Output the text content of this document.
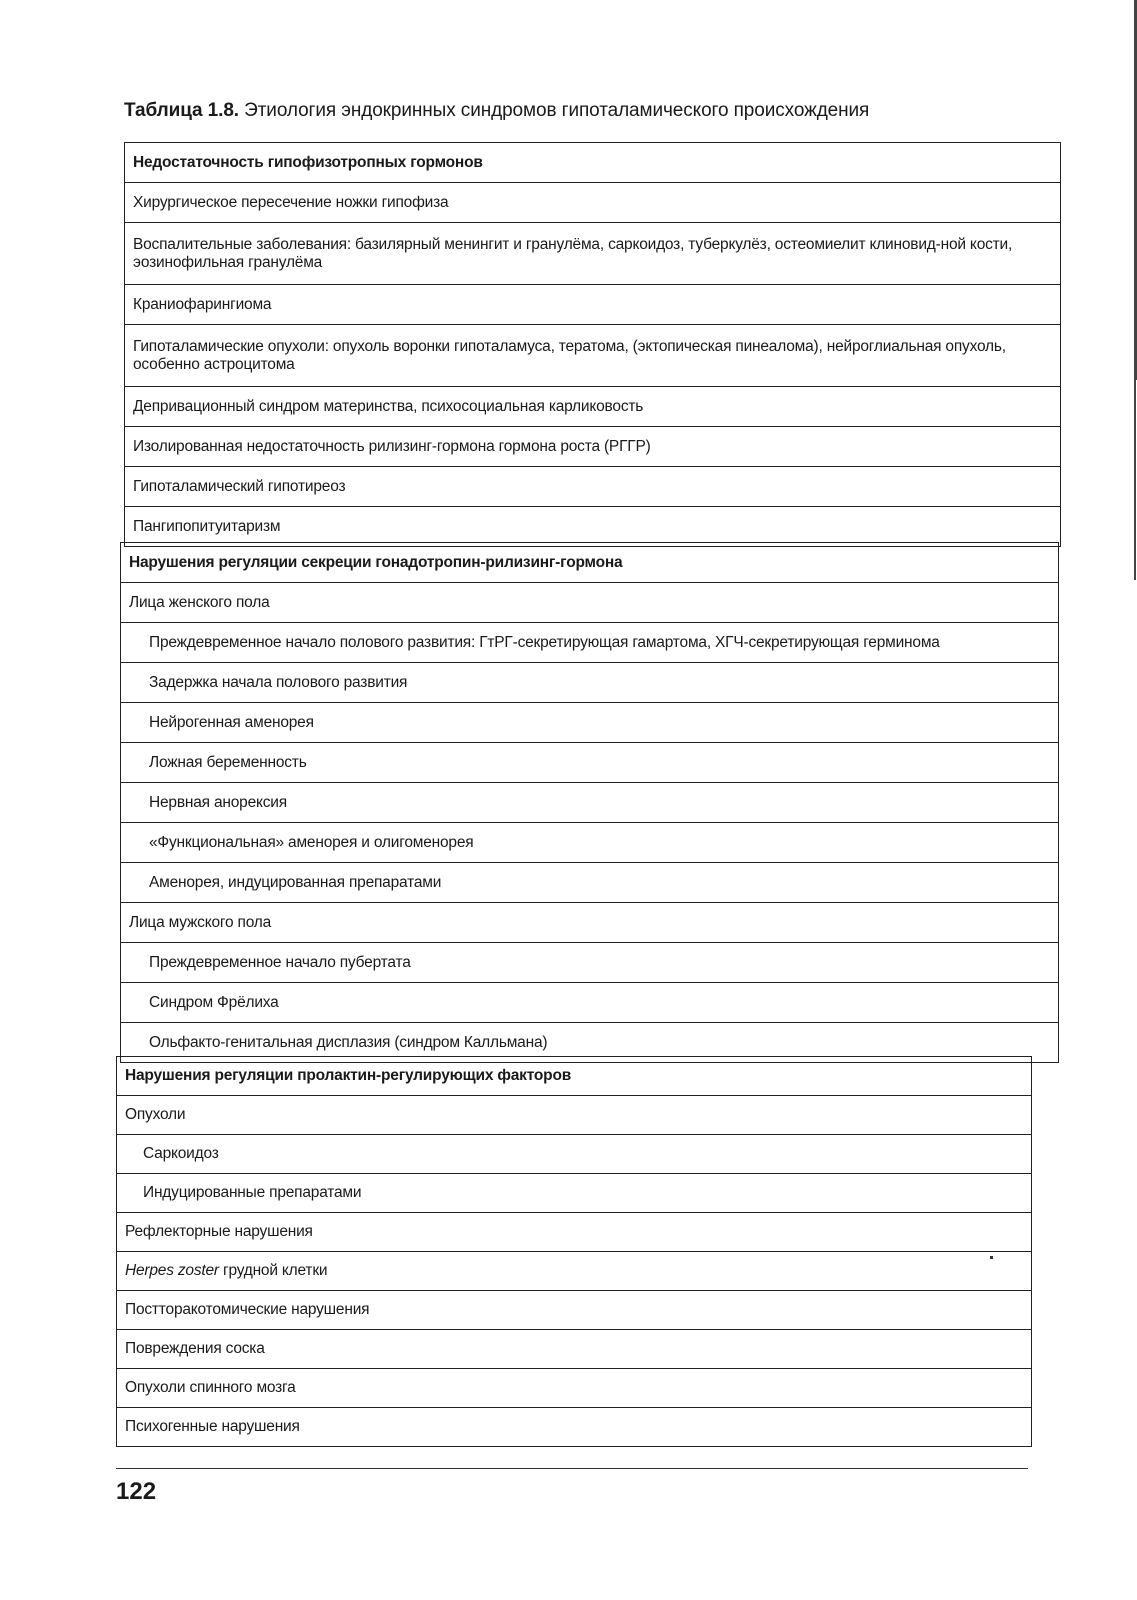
Таблица 1.8. Этиология эндокринных синдромов гипоталамического происхождения
Недостаточность гипофизотропных гормонов
Хирургическое пересечение ножки гипофиза
Воспалительные заболевания: базилярный менингит и гранулёма, саркоидоз, туберкулёз, остеомиелит клиновид-ной кости, эозинофильная гранулёма
Краниофарингиома
Гипоталамические опухоли: опухоль воронки гипоталамуса, тератома, (эктопическая пинеалома), нейроглиальная опухоль, особенно астроцитома
Депривационный синдром материнства, психосоциальная карликовость
Изолированная недостаточность рилизинг-гормона гормона роста (РГГР)
Гипоталамический гипотиреоз
Пангипопитуитаризм
Нарушения регуляции секреции гонадотропин-рилизинг-гормона
Лица женского пола
Преждевременное начало полового развития: ГтРГ-секретирующая гамартома, ХГЧ-секретирующая герминома
Задержка начала полового развития
Нейрогенная аменорея
Ложная беременность
Нервная анорексия
«Функциональная» аменорея и олигоменорея
Аменорея, индуцированная препаратами
Лица мужского пола
Преждевременное начало пубертата
Синдром Фрёлиха
Ольфакто-генитальная дисплазия (синдром Калльмана)
Нарушения регуляции пролактин-регулирующих факторов
Опухоли
Саркоидоз
Индуцированные препаратами
Рефлекторные нарушения
Herpes zoster грудной клетки
Постторакотомические нарушения
Повреждения соска
Опухоли спинного мозга
Психогенные нарушения
122
